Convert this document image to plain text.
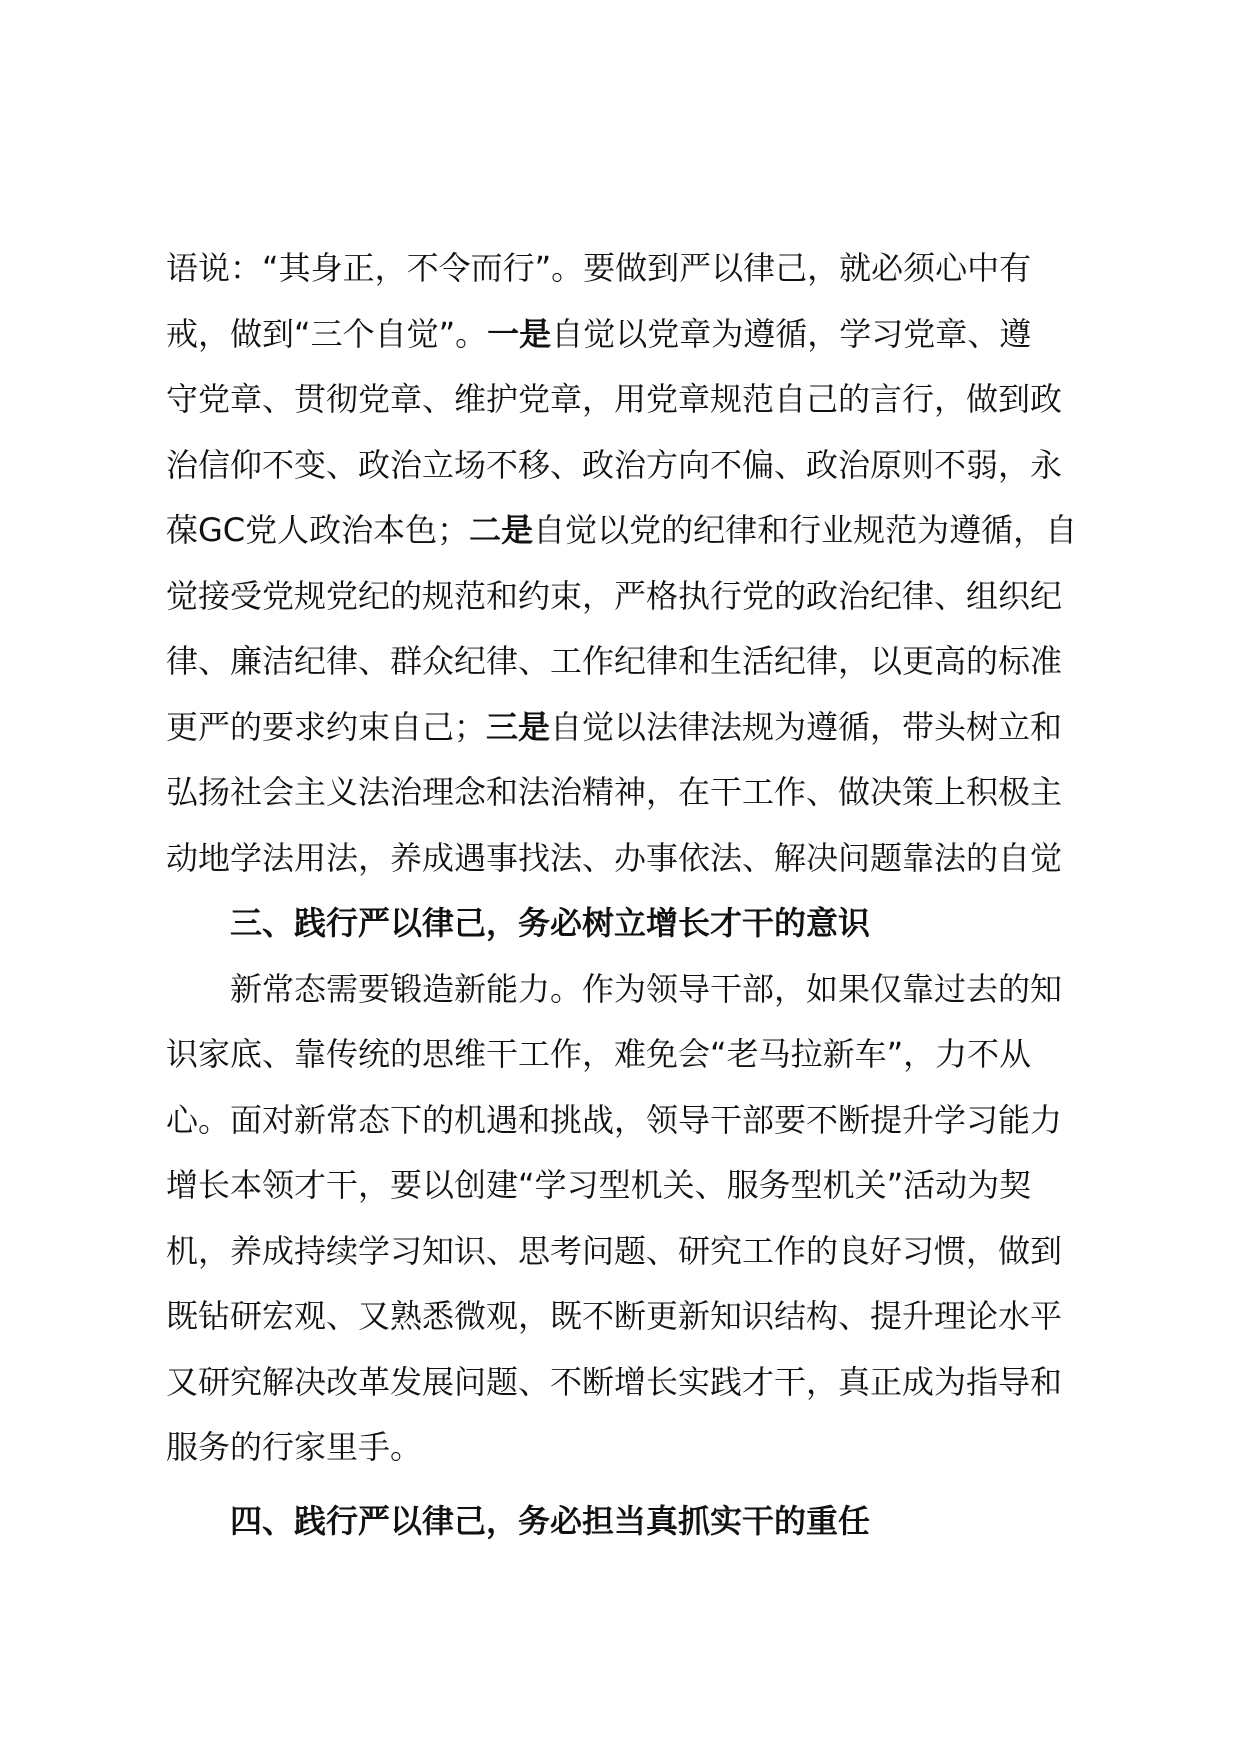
语说：“其身正，不令而行”。要做到严以律己，就必须心中有
戒，做到“三个自觉”。一是自觉以党章为遵循，学习党章、遵
守党章、贯彻党章、维护党章，用党章规范自己的言行，做到政
治信仰不变、政治立场不移、政治方向不偏、政治原则不弱，永
葆GC党人政治本色；二是自觉以党的纪律和行业规范为遵循，自
觉接受党规党纪的规范和约束，严格执行党的政治纪律、组织纪
律、廉洁纪律、群众纪律、工作纪律和生活纪律，以更高的标准
更严的要求约束自己；三是自觉以法律法规为遵循，带头树立和
弘扬社会主义法治理念和法治精神，在干工作、做决策上积极主
动地学法用法，养成遇事找法、办事依法、解决问题靠法的自觉
三、践行严以律己，务必树立增长才干的意识
新常态需要锻造新能力。作为领导干部，如果仅靠过去的知
识家底、靠传统的思维干工作，难免会“老马拉新车”，力不从
心。面对新常态下的机遇和挑战，领导干部要不断提升学习能力
增长本领才干，要以创建“学习型机关、服务型机关”活动为契
机，养成持续学习知识、思考问题、研究工作的良好习惯，做到
既钻研宏观、又熟悉微观，既不断更新知识结构、提升理论水平
又研究解决改革发展问题、不断增长实践才干，真正成为指导和
服务的行家里手。
四、践行严以律己，务必担当真抓实干的重任
